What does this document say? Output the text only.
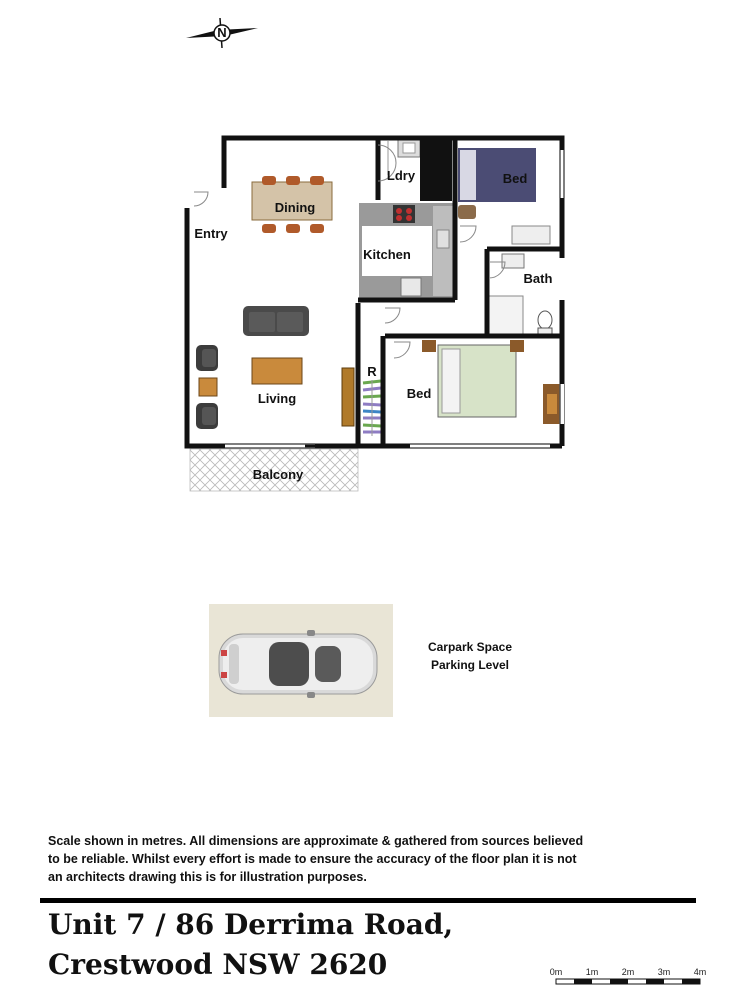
N
Ldry	Bed
Dining
Entry
Kitchen
Bath
R
Bed
Living
Balcony
Carpark Space
Parking Level
Scale shown in metres. All dimensions are approximate & gathered from sources believed
to be reliable. Whilst every effort is made to ensure the accuracy of the floor plan it is not
an architects drawing this is for illustration purposes.
Unit 7 / 86 Derrima Road,
Crestwood NSW 2620	0m	1m	2m	3m	4m
